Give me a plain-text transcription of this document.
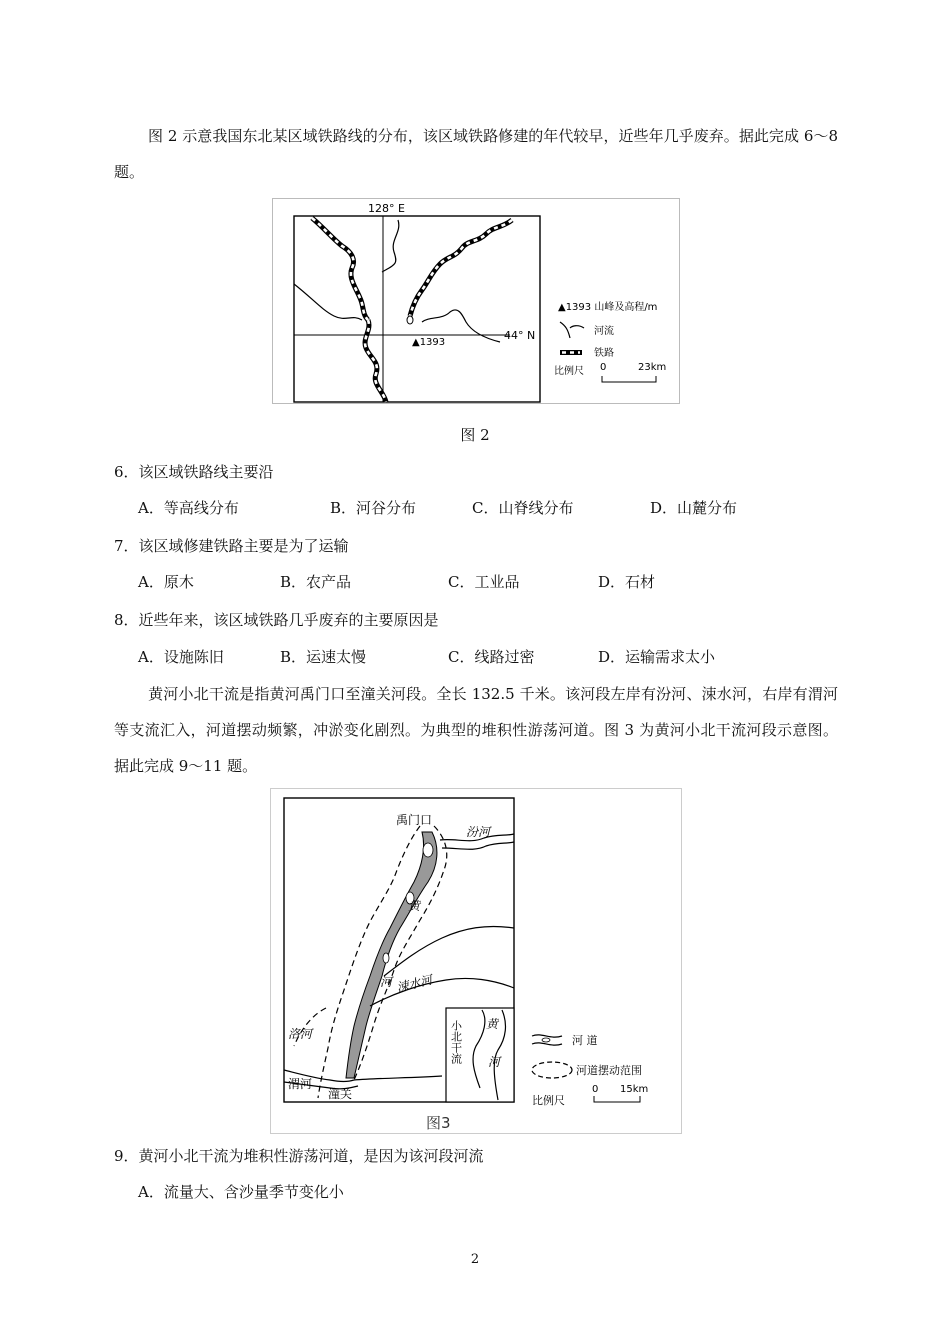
图 2 示意我国东北某区域铁路线的分布，该区域铁路修建的年代较早，近些年几乎废弃。据此完成 6～8 题。

128° E
44° N
▲1393
▲1393 山峰及高程/m
河流
铁路
比例尺 0	23km
图 2

6．该区域铁路线主要沿

A．等高线分布	B．河谷分布	C．山脊线分布	D．山麓分布

7．该区域修建铁路主要是为了运输

A．原木	B．农产品	C．工业品	D．石材

8．近些年来，该区域铁路几乎废弃的主要原因是

A．设施陈旧	B．运速太慢	C．线路过密	D．运输需求太小

黄河小北干流是指黄河禹门口至潼关河段。全长 132.5 千米。该河段左岸有汾河、涑水河，右岸有渭河等支流汇入，河道摆动频繁，冲淤变化剧烈。为典型的堆积性游荡河道。图 3 为黄河小北干流河段示意图。据此完成 9～11 题。

禹门口
汾河
黄
河 涑水河
洛河
渭河
潼关
小北干流 黄
河
河 道
河道摆动范围
比例尺
0 15km
图3

9．黄河小北干流为堆积性游荡河道，是因为该河段河流

A．流量大、含沙量季节变化小
2
